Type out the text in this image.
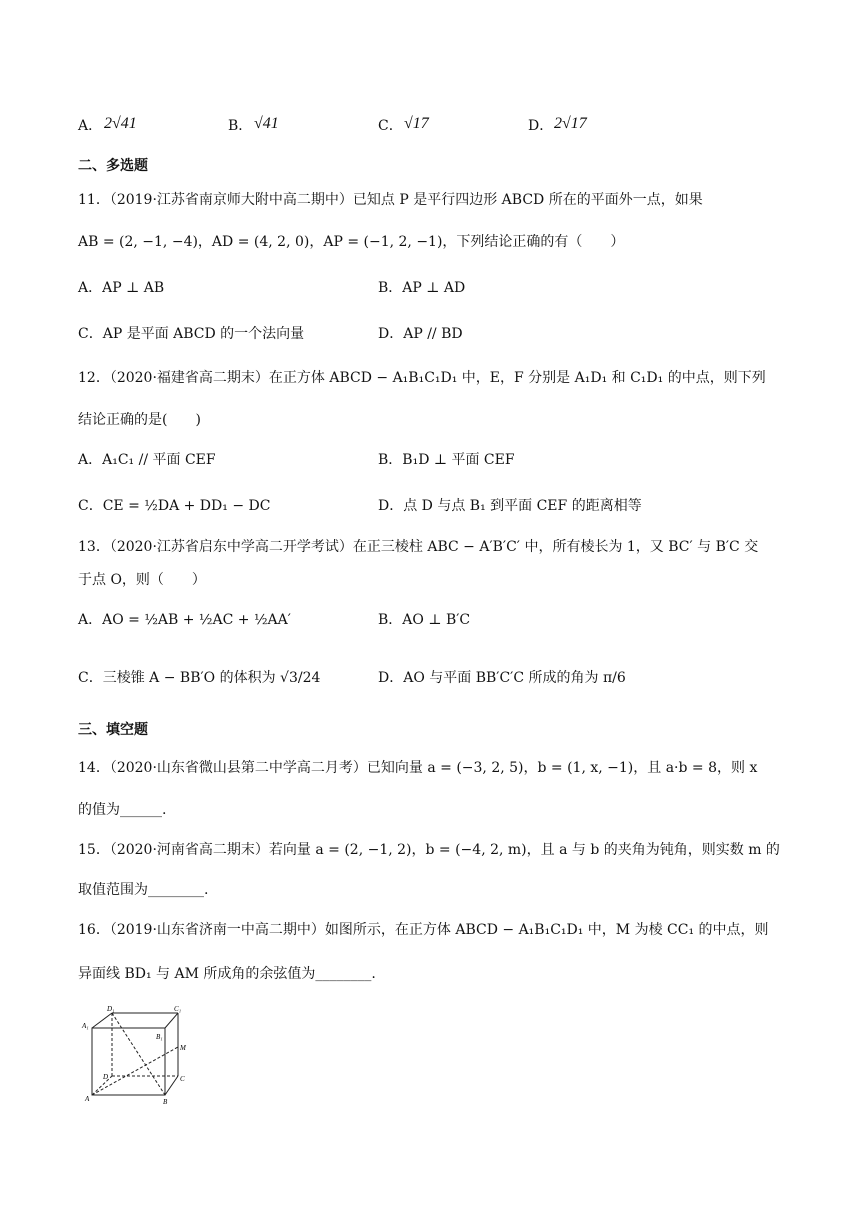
A． 2√41	B． √41	C． √17	D． 2√17
二、多选题
11．（2019·江苏省南京师大附中高二期中）已知点 P 是平行四边形 ABCD 所在的平面外一点，如果
AB = (2, −1, −4)，AD = (4, 2, 0)，AP = (−1, 2, −1)，下列结论正确的有（　　）
A．AP ⊥ AB	B．AP ⊥ AD
C．AP 是平面 ABCD 的一个法向量	D．AP // BD
12．（2020·福建省高二期末）在正方体 ABCD − A₁B₁C₁D₁ 中，E，F 分别是 A₁D₁ 和 C₁D₁ 的中点，则下列
结论正确的是(　　)
A．A₁C₁ // 平面 CEF	B．B₁D ⊥ 平面 CEF
C．CE = ½DA + DD₁ − DC	D．点 D 与点 B₁ 到平面 CEF 的距离相等
13．（2020·江苏省启东中学高二开学考试）在正三棱柱 ABC − A′B′C′ 中，所有棱长为 1，又 BC′ 与 B′C 交
于点 O，则（　　）
A．AO = ½AB + ½AC + ½AA′	B．AO ⊥ B′C
C．三棱锥 A − BB′O 的体积为 √3/24	D．AO 与平面 BB′C′C 所成的角为 π/6
三、填空题
14．（2020·山东省微山县第二中学高二月考）已知向量 a = (−3, 2, 5)，b = (1, x, −1)，且 a·b = 8，则 x
的值为______.
15．（2020·河南省高二期末）若向量 a = (2, −1, 2)，b = (−4, 2, m)，且 a 与 b 的夹角为钝角，则实数 m 的
取值范围为________.
16．（2019·山东省济南一中高二期中）如图所示，在正方体 ABCD − A₁B₁C₁D₁ 中，M 为棱 CC₁ 的中点，则
异面线 BD₁ 与 AM 所成角的余弦值为________.
D₁	C₁
A₁
B₁
M
D	C
A	B
